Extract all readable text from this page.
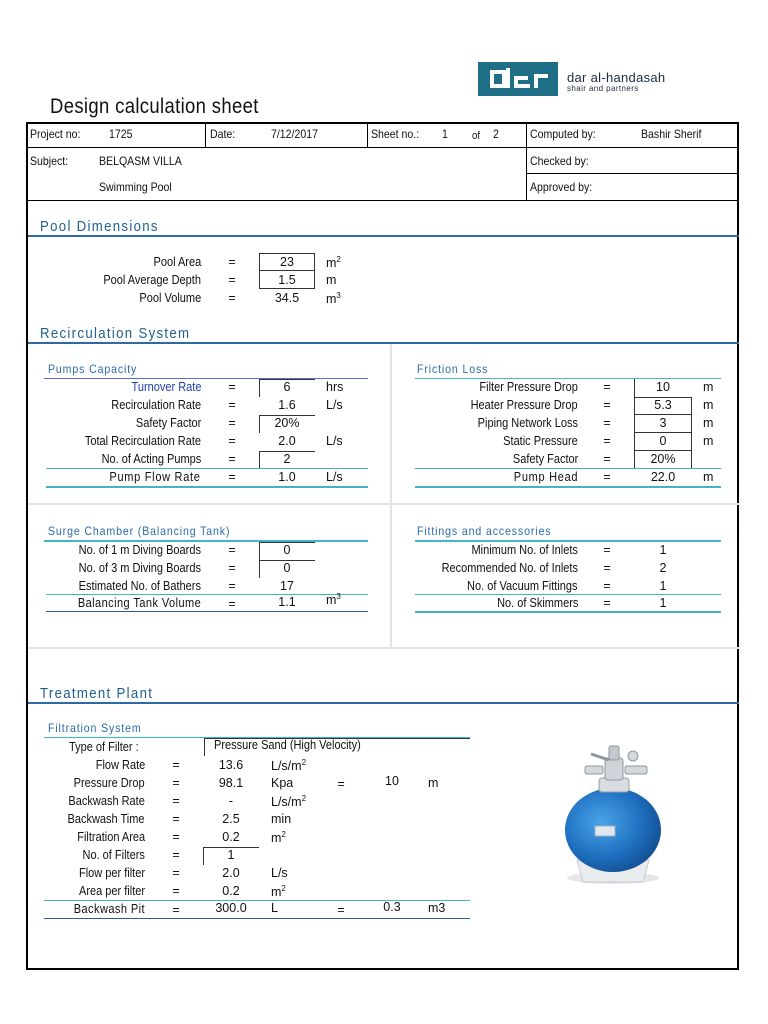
dar al-handasah
shair and partners
Design calculation sheet
Project no: 1725	Date:	7/12/2017	Sheet no.: 1 of 2	Computed by:	Bashir Sherif
Subject:	BELQASM VILLA
Swimming Pool
Checked by:
Approved by:
Pool Dimensions
Pool Area	=	23	$m^2$
Pool Average Depth	=	1.5	m
Pool Volume	=	34.5	$m^3$
Recirculation System
Pumps Capacity
Turnover Rate	=	6	hrs
Recirculation Rate	=	1.6	L/s
Safety Factor	=	20%
Total Recirculation Rate	=	2.0	L/s
No. of Acting Pumps	=	2
Pump Flow Rate	=	1.0	L/s
Friction Loss
Filter Pressure Drop	=	10	m
Heater Pressure Drop	=	5.3	m
Piping Network Loss	=	3	m
Static Pressure	=	0	m
Safety Factor	=	20%
Pump Head	=	22.0	m
Surge Chamber (Balancing Tank)
No. of 1 m Diving Boards	=	0
No. of 3 m Diving Boards	=	0
Estimated No. of Bathers	=	17
Balancing Tank Volume	=	1.1	$m^3$
Fittings and accessories
Minimum No. of Inlets	=	1
Recommended No. of Inlets	=	2
No. of Vacuum Fittings	=	1
No. of Skimmers	=	1
Treatment Plant
Filtration System
Type of Filter :	Pressure Sand (High Velocity)
Flow Rate	=	13.6	$L/s/m^2$
Pressure Drop	=	98.1	Kpa	=	10	m
Backwash Rate	=	-	$L/s/m^2$
Backwash Time	=	2.5	min
Filtration Area	=	0.2	$m^2$
No. of Filters	=	1
Flow per filter	=	2.0	L/s
Area per filter	=	0.2	$m^2$
Backwash Pit	=	300.0	L	=	0.3	m3
